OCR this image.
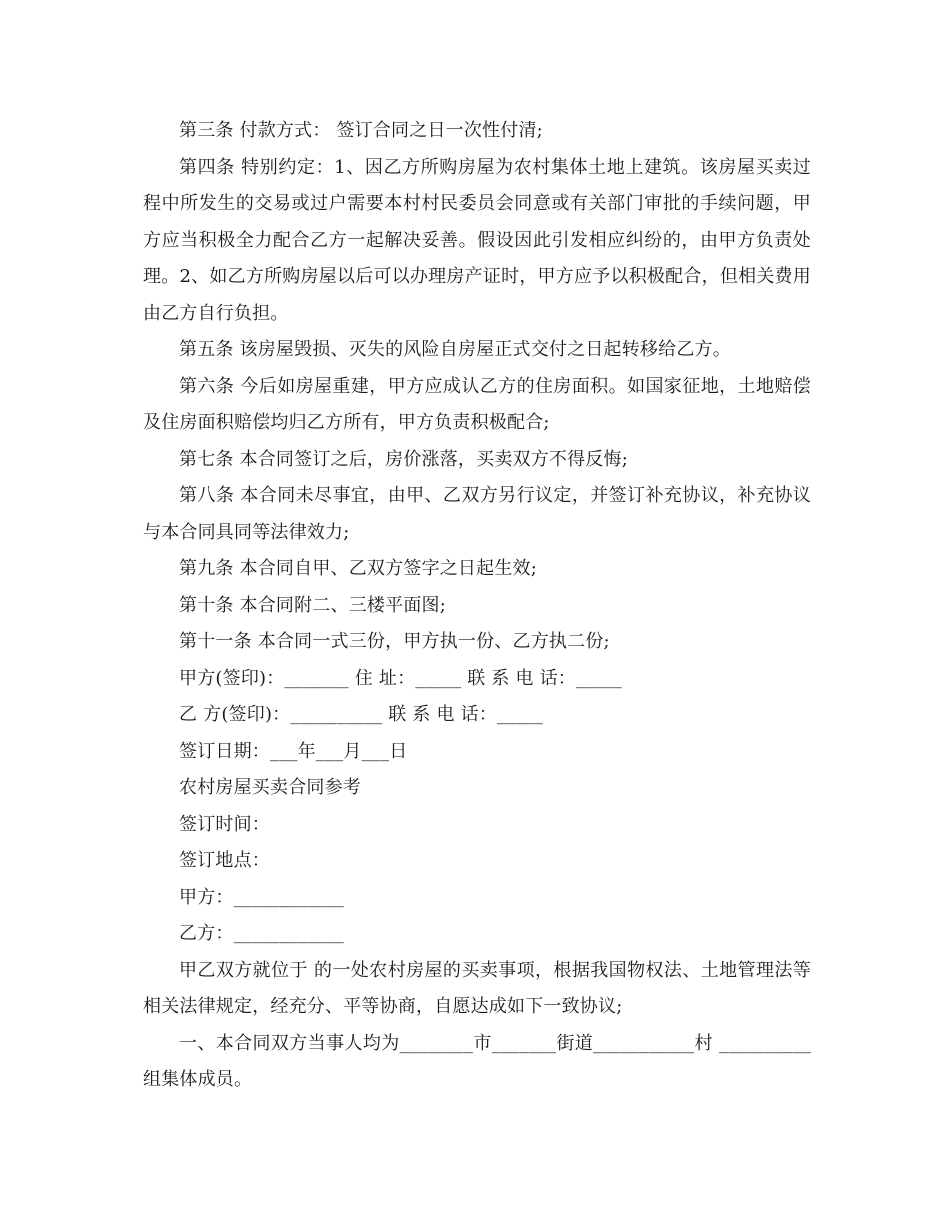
第三条 付款方式： 签订合同之日一次性付清;

第四条 特别约定：1、因乙方所购房屋为农村集体土地上建筑。该房屋买卖过程中所发生的交易或过户需要本村村民委员会同意或有关部门审批的手续问题，甲方应当积极全力配合乙方一起解决妥善。假设因此引发相应纠纷的，由甲方负责处理。2、如乙方所购房屋以后可以办理房产证时，甲方应予以积极配合，但相关费用由乙方自行负担。

第五条 该房屋毁损、灭失的风险自房屋正式交付之日起转移给乙方。

第六条 今后如房屋重建，甲方应成认乙方的住房面积。如国家征地，土地赔偿及住房面积赔偿均归乙方所有，甲方负责积极配合;

第七条 本合同签订之后，房价涨落，买卖双方不得反悔;

第八条 本合同未尽事宜，由甲、乙双方另行议定，并签订补充协议，补充协议与本合同具同等法律效力;

第九条 本合同自甲、乙双方签字之日起生效;

第十条 本合同附二、三楼平面图;

第十一条 本合同一式三份，甲方执一份、乙方执二份;

甲方(签印)：_______ 住 址：_____ 联 系 电 话：_____

乙 方(签印)：__________ 联 系 电 话：_____

签订日期：___年___月___日

农村房屋买卖合同参考

签订时间：

签订地点：

甲方：____________

乙方：____________

甲乙双方就位于 的一处农村房屋的买卖事项，根据我国物权法、土地管理法等相关法律规定，经充分、平等协商，自愿达成如下一致协议;

一、本合同双方当事人均为________市_______街道___________村 __________组集体成员。
